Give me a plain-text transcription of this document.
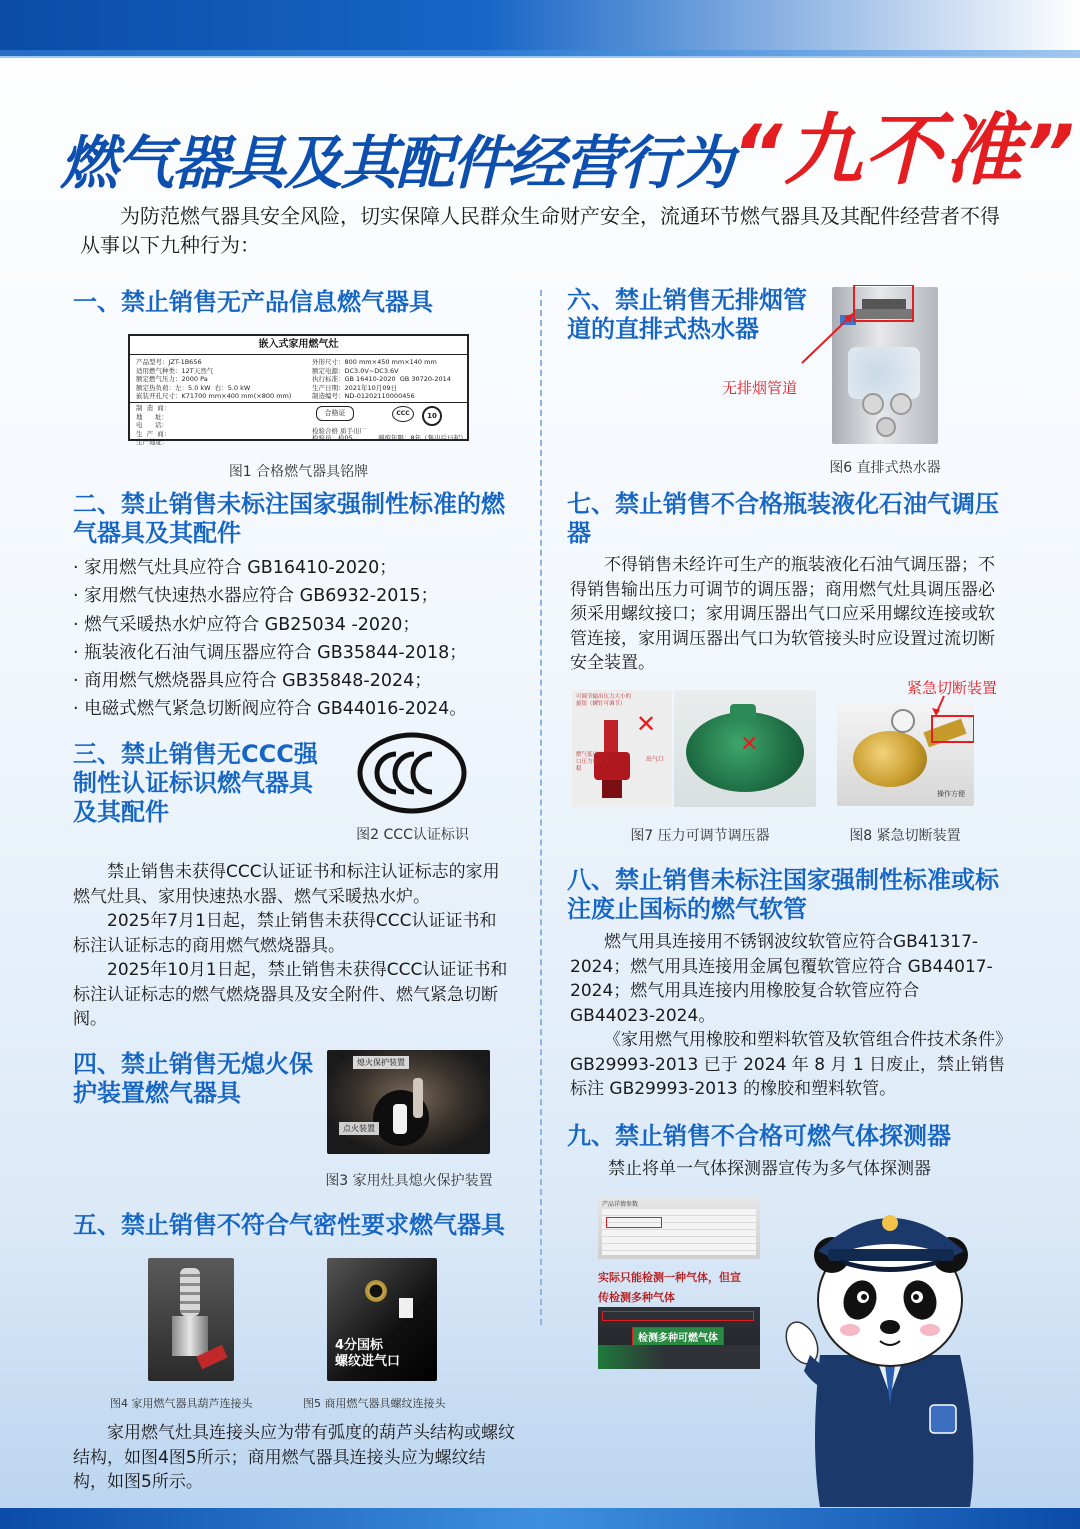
燃气器具及其配件经营行为“九不准”
为防范燃气器具安全风险，切实保障人民群众生命财产安全，流通环节燃气器具及其配件经营者不得从事以下九种行为：
一、禁止销售无产品信息燃气器具
嵌入式家用燃气灶
产品型号：JZT-1B656
适用燃气种类：12T天然气
额定燃气压力：2000 Pa
额定热负荷：左：5.0 kW  右：5.0 kW
嵌装开孔尺寸：K71700 mm×400 mm(×800 mm)
外形尺寸：800 mm×450 mm×140 mm
额定电源：DC3.0V~DC3.6V
执行标准：GB 16410-2020  GB 30720-2014
生产日期：2021年10月09日
制造编号：ND-01202110000456
制  造  商：
地      址：
电      话：
生  产  商：
生产地址：
合格证	CCC	10
检验合格 质手出厂
检验员：检05	判废年限：8年（售出后日起）
图1 合格燃气器具铭牌
二、禁止销售未标注国家强制性标准的燃气器具及其配件
· 家用燃气灶具应符合 GB16410-2020；
· 家用燃气快速热水器应符合 GB6932-2015；
· 燃气采暖热水炉应符合 GB25034 -2020；
· 瓶装液化石油气调压器应符合 GB35844-2018；
· 商用燃气燃烧器具应符合 GB35848-2024；
· 电磁式燃气紧急切断阀应符合 GB44016-2024。
三、禁止销售无CCC强制性认证标识燃气器具及其配件
图2 CCC认证标识
禁止销售未获得CCC认证证书和标注认证标志的家用燃气灶具、家用快速热水器、燃气采暖热水炉。
2025年7月1日起，禁止销售未获得CCC认证证书和标注认证标志的商用燃气燃烧器具。
2025年10月1日起，禁止销售未获得CCC认证证书和标注认证标志的燃气燃烧器具及安全附件、燃气紧急切断阀。
四、禁止销售无熄火保护装置燃气器具
熄火保护装置
点火装置
图3 家用灶具熄火保护装置
五、禁止销售不符合气密性要求燃气器具
4分国标
螺纹进气口
图4 家用燃气器具葫芦连接头	图5 商用燃气器具螺纹连接头
家用燃气灶具连接头应为带有弧度的葫芦头结构或螺纹结构，如图4图5所示；商用燃气器具连接头应为螺纹结构，如图5所示。
六、禁止销售无排烟管道的直排式热水器
无排烟管道
图6 直排式热水器
七、禁止销售不合格瓶装液化石油气调压器
不得销售未经许可生产的瓶装液化石油气调压器；不得销售输出压力可调节的调压器；商用燃气灶具调压器必须采用螺纹接口；家用调压器出气口应采用螺纹连接或软管连接，家用调压器出气口为软管接头时应设置过流切断安全装置。
紧急切断装置
可调节输出压力大小的旋钮（螺钉可调节）
✕
燃气低压公出口压力调节不稳
出气口
✕
操作方便
图7 压力可调节调压器	图8 紧急切断装置
八、禁止销售未标注国家强制性标准或标注废止国标的燃气软管
燃气用具连接用不锈钢波纹软管应符合GB41317-2024；燃气用具连接用金属包覆软管应符合 GB44017-2024；燃气用具连接内用橡胶复合软管应符合 GB44023-2024。
《家用燃气用橡胶和塑料软管及软管组合件技术条件》GB29993-2013 已于 2024 年 8 月 1 日废止，禁止销售标注 GB29993-2013 的橡胶和塑料软管。
九、禁止销售不合格可燃气体探测器
禁止将单一气体探测器宣传为多气体探测器
产品详情参数
实际只能检测一种气体，但宣
传检测多种气体
检测多种可燃气体
